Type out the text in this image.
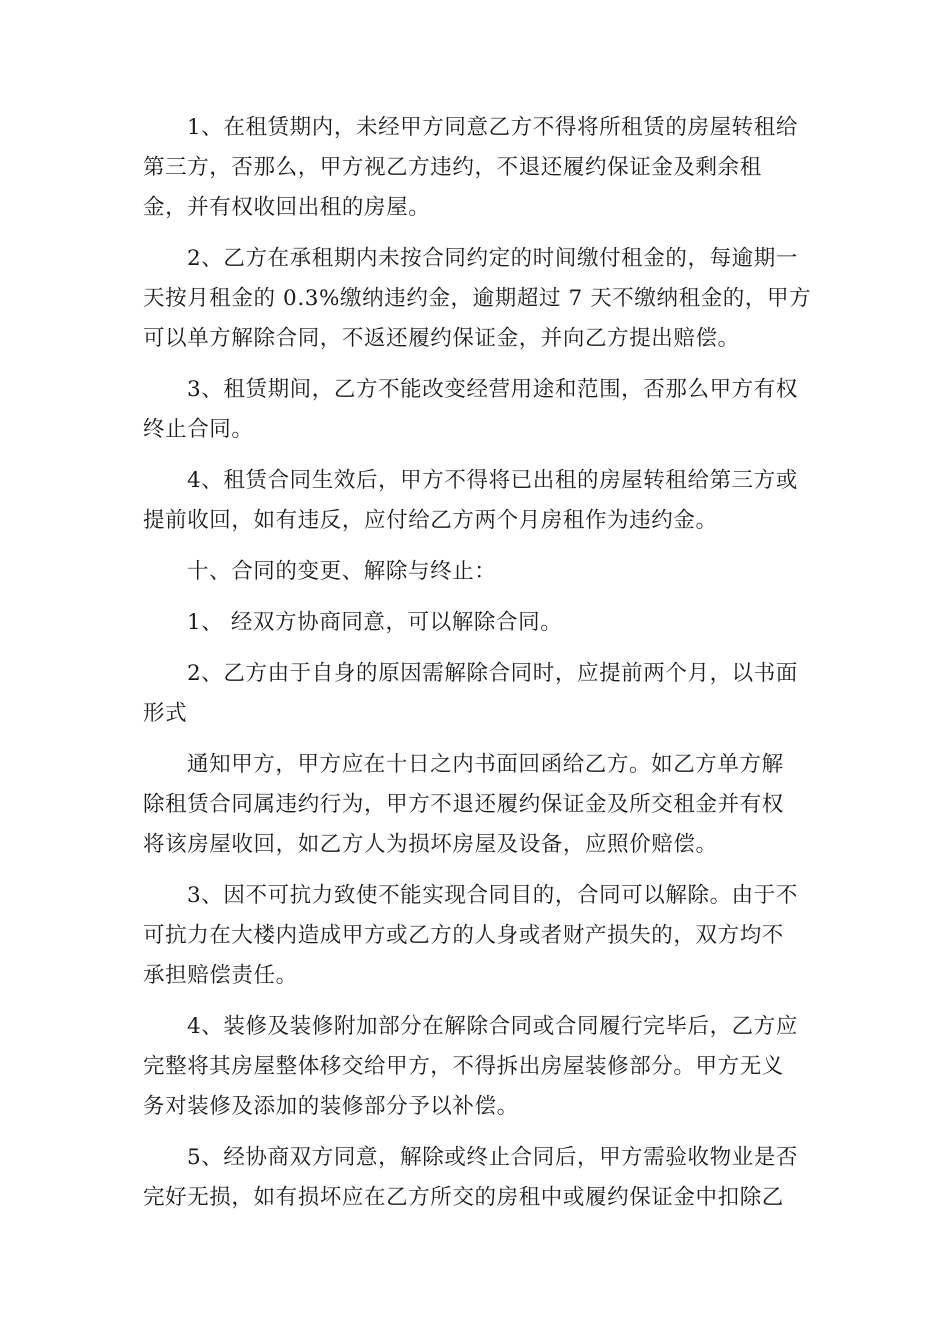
1、在租赁期内，未经甲方同意乙方不得将所租赁的房屋转租给
第三方，否那么，甲方视乙方违约，不退还履约保证金及剩余租
金，并有权收回出租的房屋。
2、乙方在承租期内未按合同约定的时间缴付租金的，每逾期一
天按月租金的 0.3%缴纳违约金，逾期超过 7 天不缴纳租金的，甲方
可以单方解除合同，不返还履约保证金，并向乙方提出赔偿。
3、租赁期间，乙方不能改变经营用途和范围，否那么甲方有权
终止合同。
4、租赁合同生效后，甲方不得将已出租的房屋转租给第三方或
提前收回，如有违反，应付给乙方两个月房租作为违约金。
十、合同的变更、解除与终止：
1、 经双方协商同意，可以解除合同。
2、乙方由于自身的原因需解除合同时，应提前两个月，以书面
形式
通知甲方，甲方应在十日之内书面回函给乙方。如乙方单方解
除租赁合同属违约行为，甲方不退还履约保证金及所交租金并有权
将该房屋收回，如乙方人为损坏房屋及设备，应照价赔偿。
3、因不可抗力致使不能实现合同目的，合同可以解除。由于不
可抗力在大楼内造成甲方或乙方的人身或者财产损失的，双方均不
承担赔偿责任。
4、装修及装修附加部分在解除合同或合同履行完毕后，乙方应
完整将其房屋整体移交给甲方，不得拆出房屋装修部分。甲方无义
务对装修及添加的装修部分予以补偿。
5、经协商双方同意，解除或终止合同后，甲方需验收物业是否
完好无损，如有损坏应在乙方所交的房租中或履约保证金中扣除乙
